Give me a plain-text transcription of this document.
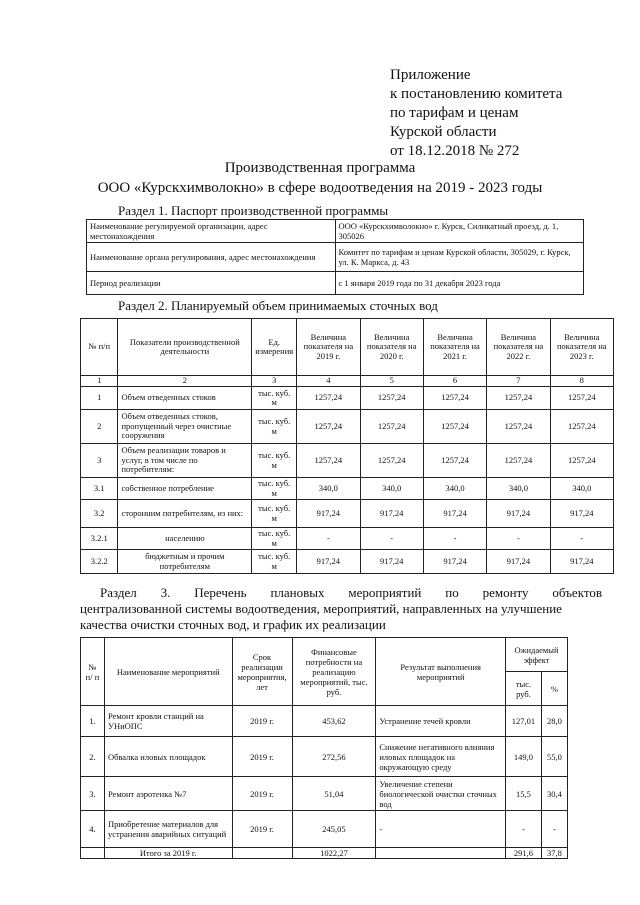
Приложение
к постановлению комитета
по тарифам и ценам
Курской области
от 18.12.2018 № 272
Производственная программа
ООО «Курскхимволокно» в сфере водоотведения на 2019 - 2023 годы
Раздел 1. Паспорт производственной программы
Наименование регулируемой организации, адрес местонахождения	ООО «Курскхимволокно» г. Курск, Силикатный проезд, д. 1, 305026
Наименование органа регулирования, адрес местонахождения	Комитет по тарифам и ценам Курской области, 305029, г. Курск, ул. К. Маркса, д. 43
Период реализации	с 1 января 2019 года по 31 декабря 2023 года
Раздел 2. Планируемый объем принимаемых сточных вод
№ п/п	Показатели производственной деятельности	Ед. измерения	Величина показателя на 2019 г.	Величина показателя на 2020 г.	Величина показателя на 2021 г.	Величина показателя на 2022 г.	Величина показателя на 2023 г.
1	2	3	4	5	6	7	8
1	Объем отведенных стоков	тыс. куб. м	1257,24	1257,24	1257,24	1257,24	1257,24
2	Объем отведенных стоков, пропущенный через очистные сооружения	тыс. куб. м	1257,24	1257,24	1257,24	1257,24	1257,24
3	Объем реализации товаров и услуг, в том числе по потребителям:	тыс. куб. м	1257,24	1257,24	1257,24	1257,24	1257,24
3.1	собственное потребление	тыс. куб. м	340,0	340,0	340,0	340,0	340,0
3.2	сторонним потребителям, из них:	тыс. куб. м	917,24	917,24	917,24	917,24	917,24
3.2.1	населению	тыс. куб. м	-	-	-	-	-
3.2.2	бюджетным и прочим потребителям	тыс. куб. м	917,24	917,24	917,24	917,24	917,24
Раздел 3. Перечень плановых мероприятий по ремонту объектов
централизованной системы водоотведения, мероприятий, направленных на улучшение
качества очистки сточных вод, и график их реализации
№ п/ п	Наименование мероприятий	Срок реализации мероприятия, лет	Финансовые потребности на реализацию мероприятий, тыс. руб.	Результат выполнения мероприятий	Ожидаемый эффект	
					тыс. руб.	%
1.	Ремонт кровли станций на УНиОПС	2019 г.	453,62	Устранение течей кровли	127,01	28,0
2.	Обвалка иловых площадок	2019 г.	272,56	Снижение негативного влияния иловых площадок на окружающую среду	149,0	55,0
3.	Ремонт аэротенка №7	2019 г.	51,04	Увеличение степени биологической очистки сточных вод	15,5	30,4
4.	Приобретение материалов для устранения аварийных ситуаций	2019 г.	245,05	-	-	-
	Итого за 2019 г.		1022,27		291,6	37,8
